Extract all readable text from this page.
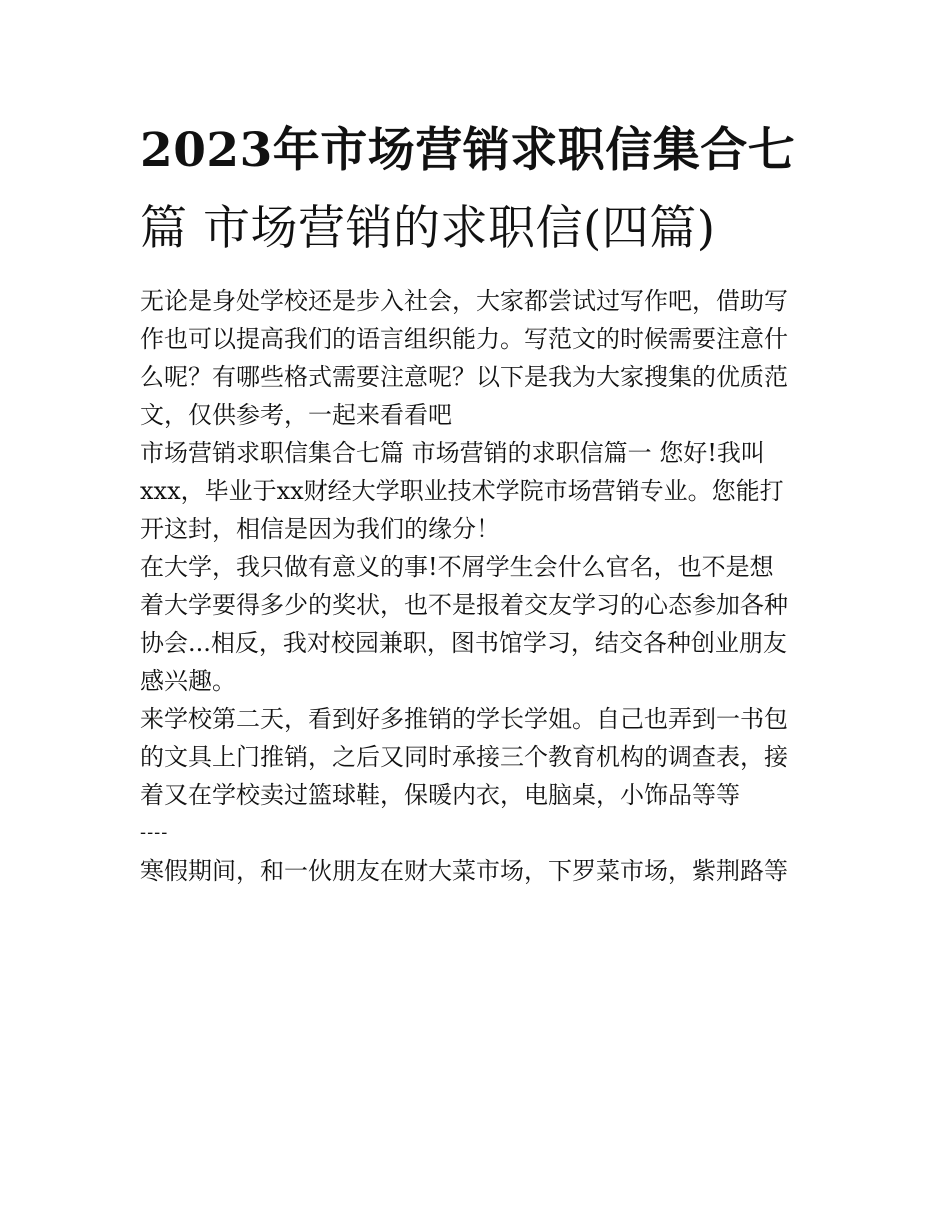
2023年市场营销求职信集合七
篇 市场营销的求职信(四篇)

无论是身处学校还是步入社会，大家都尝试过写作吧，借助写

作也可以提高我们的语言组织能力。写范文的时候需要注意什

么呢？有哪些格式需要注意呢？以下是我为大家搜集的优质范

文，仅供参考，一起来看看吧

市场营销求职信集合七篇 市场营销的求职信篇一 您好!我叫

xxx，毕业于xx财经大学职业技术学院市场营销专业。您能打

开这封，相信是因为我们的缘分！

在大学，我只做有意义的事!不屑学生会什么官名，也不是想

着大学要得多少的奖状，也不是报着交友学习的心态参加各种

协会...相反，我对校园兼职，图书馆学习，结交各种创业朋友

感兴趣。

来学校第二天，看到好多推销的学长学姐。自己也弄到一书包

的文具上门推销，之后又同时承接三个教育机构的调查表，接

着又在学校卖过篮球鞋，保暖内衣，电脑桌，小饰品等等

----

寒假期间，和一伙朋友在财大菜市场，下罗菜市场，紫荆路等
